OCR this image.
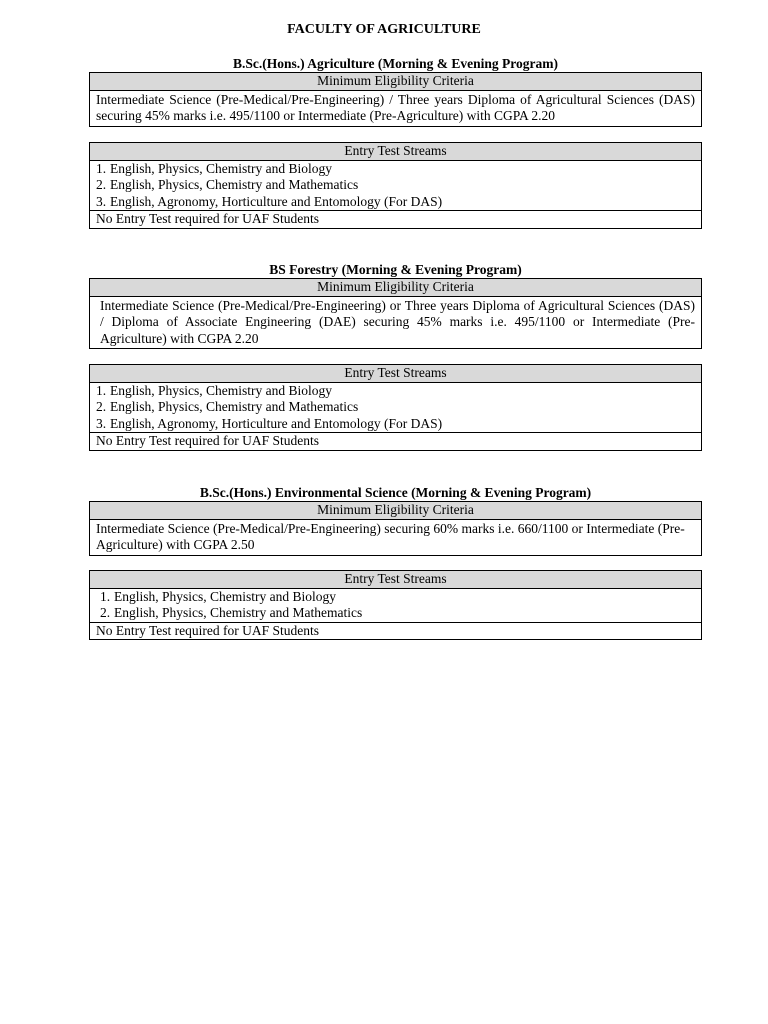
FACULTY OF AGRICULTURE
B.Sc.(Hons.) Agriculture (Morning & Evening Program)
Minimum Eligibility Criteria
Intermediate Science (Pre-Medical/Pre-Engineering) / Three years Diploma of Agricultural Sciences (DAS) securing 45% marks i.e. 495/1100 or Intermediate (Pre-Agriculture) with CGPA 2.20
Entry Test Streams

1. English, Physics, Chemistry and Biology
2. English, Physics, Chemistry and Mathematics
3. English, Agronomy, Horticulture and Entomology (For DAS)

No Entry Test required for UAF Students
BS Forestry (Morning & Evening Program)
Minimum Eligibility Criteria
Intermediate Science (Pre-Medical/Pre-Engineering) or Three years Diploma of Agricultural Sciences (DAS) / Diploma of Associate Engineering (DAE) securing 45% marks i.e. 495/1100 or Intermediate (Pre-Agriculture) with CGPA 2.20
Entry Test Streams

1. English, Physics, Chemistry and Biology
2. English, Physics, Chemistry and Mathematics
3. English, Agronomy, Horticulture and Entomology (For DAS)

No Entry Test required for UAF Students
B.Sc.(Hons.) Environmental Science (Morning & Evening Program)
Minimum Eligibility Criteria
Intermediate Science (Pre-Medical/Pre-Engineering) securing 60% marks i.e. 660/1100 or Intermediate (Pre-Agriculture) with CGPA 2.50
Entry Test Streams

1. English, Physics, Chemistry and Biology
2. English, Physics, Chemistry and Mathematics

No Entry Test required for UAF Students
